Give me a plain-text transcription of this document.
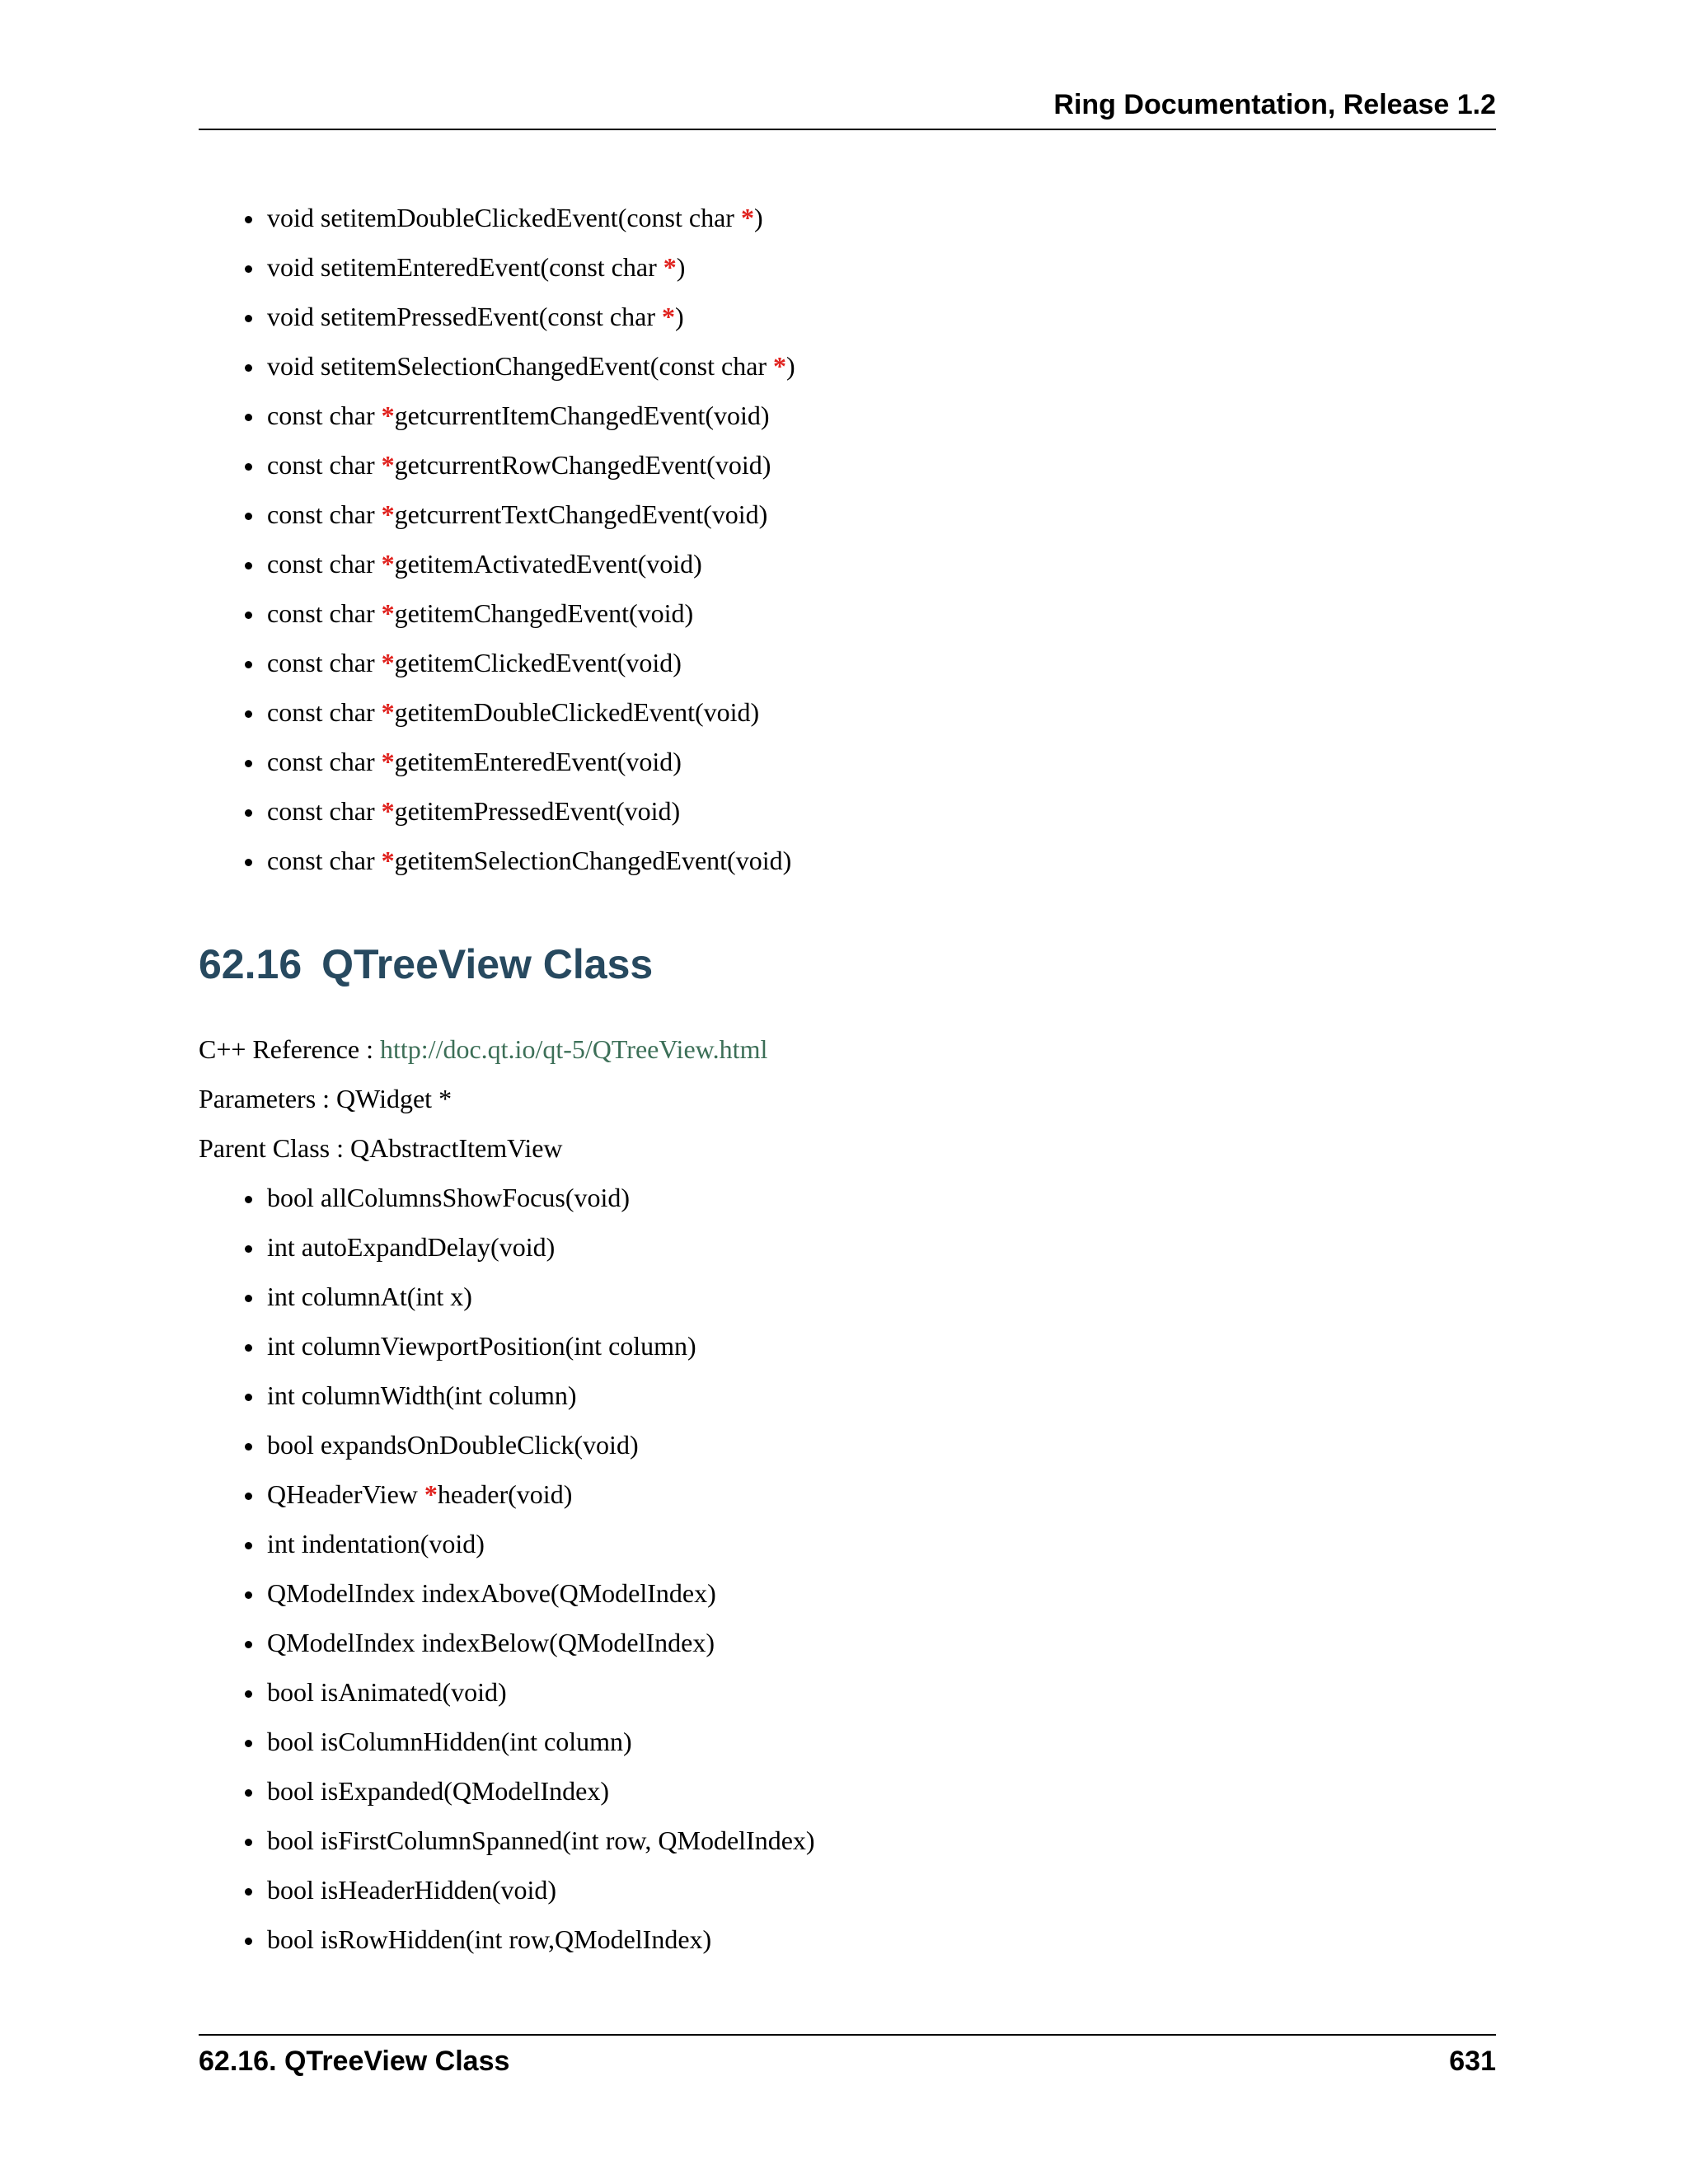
Ring Documentation, Release 1.2
void setitemDoubleClickedEvent(const char *)
void setitemEnteredEvent(const char *)
void setitemPressedEvent(const char *)
void setitemSelectionChangedEvent(const char *)
const char *getcurrentItemChangedEvent(void)
const char *getcurrentRowChangedEvent(void)
const char *getcurrentTextChangedEvent(void)
const char *getitemActivatedEvent(void)
const char *getitemChangedEvent(void)
const char *getitemClickedEvent(void)
const char *getitemDoubleClickedEvent(void)
const char *getitemEnteredEvent(void)
const char *getitemPressedEvent(void)
const char *getitemSelectionChangedEvent(void)
62.16 QTreeView Class
C++ Reference : http://doc.qt.io/qt-5/QTreeView.html
Parameters : QWidget *
Parent Class : QAbstractItemView
bool allColumnsShowFocus(void)
int autoExpandDelay(void)
int columnAt(int x)
int columnViewportPosition(int column)
int columnWidth(int column)
bool expandsOnDoubleClick(void)
QHeaderView *header(void)
int indentation(void)
QModelIndex indexAbove(QModelIndex)
QModelIndex indexBelow(QModelIndex)
bool isAnimated(void)
bool isColumnHidden(int column)
bool isExpanded(QModelIndex)
bool isFirstColumnSpanned(int row, QModelIndex)
bool isHeaderHidden(void)
bool isRowHidden(int row,QModelIndex)
62.16. QTreeView Class	631
